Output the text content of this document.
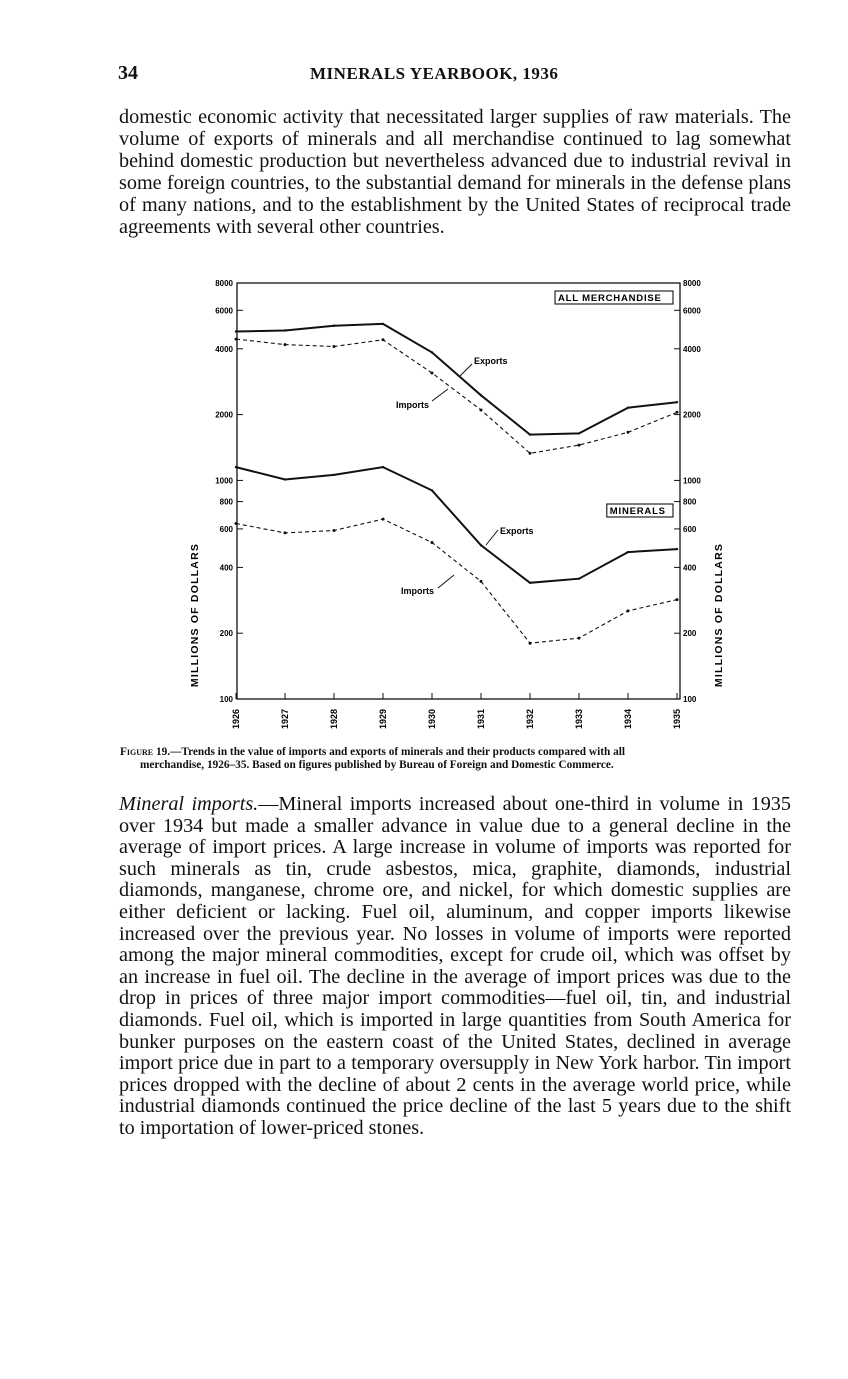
34	MINERALS YEARBOOK, 1936

domestic economic activity that necessitated larger supplies of raw materials. The volume of exports of minerals and all merchandise continued to lag somewhat behind domestic production but nevertheless advanced due to industrial revival in some foreign countries, to the substantial demand for minerals in the defense plans of many nations, and to the establishment by the United States of reciprocal trade agreements with several other countries.

100
200
400
600
800
1000
2000
4000
6000
8000
100
200
400
600
800
1000
2000
4000
6000
8000
1926	1927	1928	1929	1930	1931	1932	1933	1934	1935
ALL MERCHANDISE
MINERALS
Exports
Imports
Exports
Imports
MILLIONS OF DOLLARS	MILLIONS OF DOLLARS

Figure 19.—Trends in the value of imports and exports of minerals and their products compared with all
merchandise, 1926–35. Based on figures published by Bureau of Foreign and Domestic Commerce.

Mineral imports.—Mineral imports increased about one-third in volume in 1935 over 1934 but made a smaller advance in value due to a general decline in the average of import prices. A large increase in volume of imports was reported for such minerals as tin, crude asbestos, mica, graphite, diamonds, industrial diamonds, manganese, chrome ore, and nickel, for which domestic supplies are either deficient or lacking. Fuel oil, aluminum, and copper imports likewise increased over the previous year. No losses in volume of imports were reported among the major mineral commodities, except for crude oil, which was offset by an increase in fuel oil. The decline in the average of import prices was due to the drop in prices of three major import commodities—fuel oil, tin, and industrial diamonds. Fuel oil, which is imported in large quantities from South America for bunker purposes on the eastern coast of the United States, declined in average import price due in part to a temporary oversupply in New York harbor. Tin import prices dropped with the decline of about 2 cents in the average world price, while industrial diamonds continued the price decline of the last 5 years due to the shift to importation of lower-priced stones.
